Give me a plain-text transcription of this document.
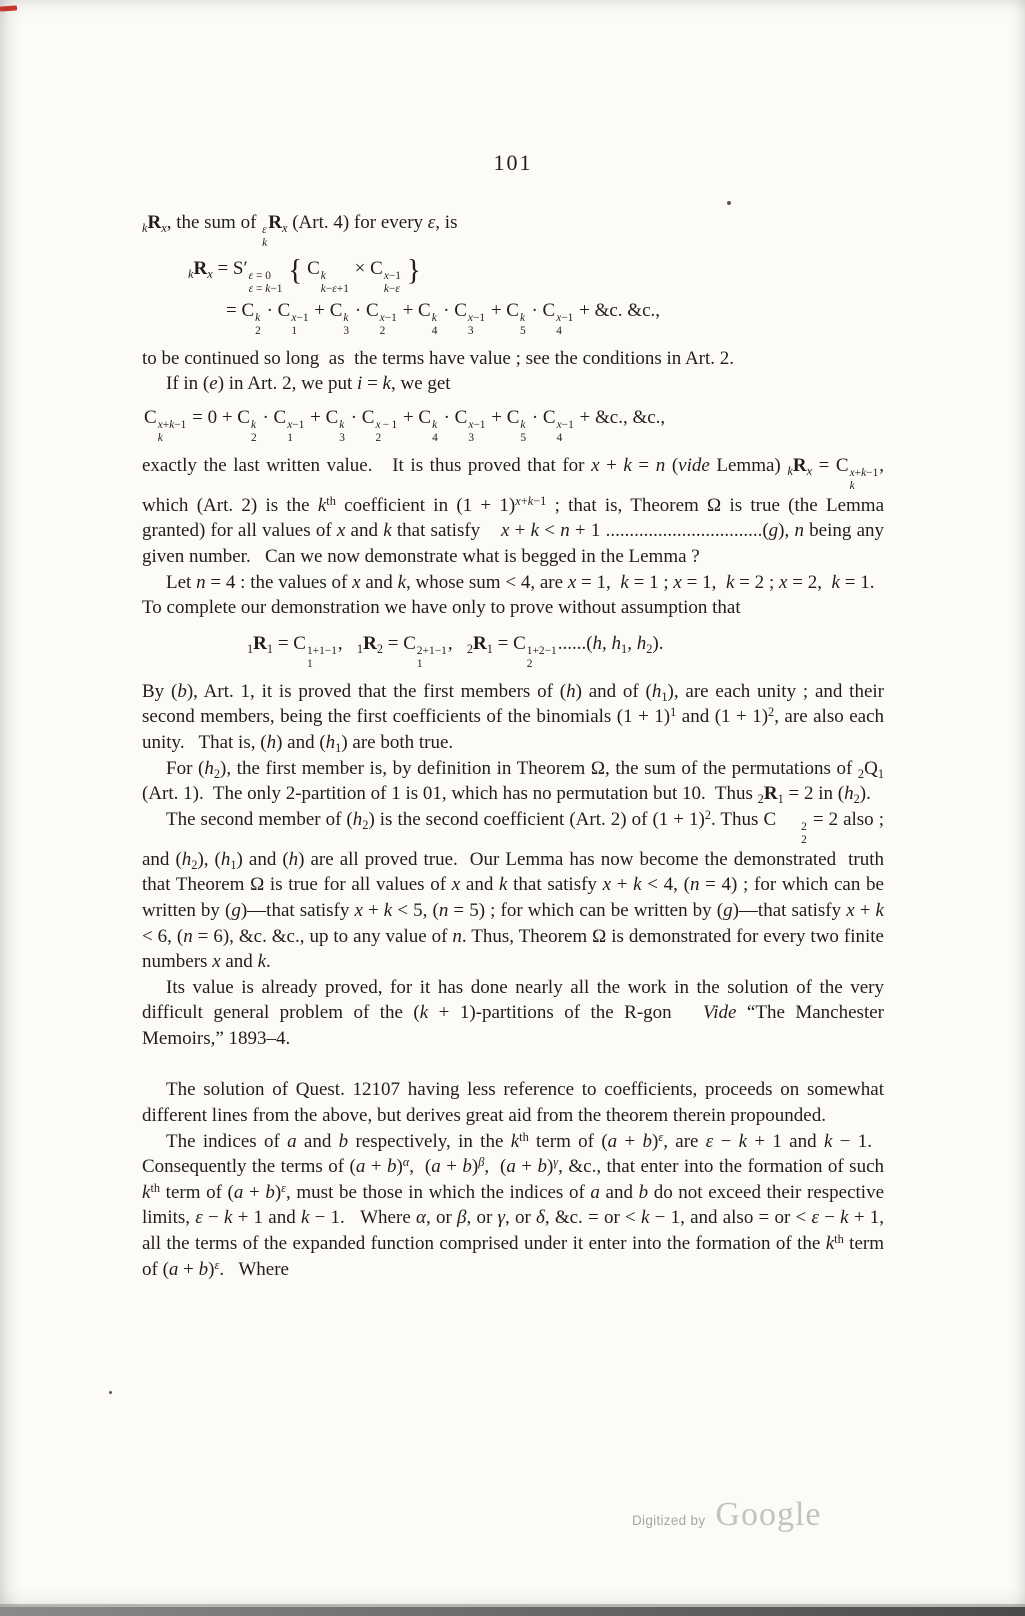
101

$_kR_x$, the sum of ε
k
$R_x$ (Art. 4) for every ε, is

$_kR_x = S'$ ε = 0
ε = k−1
{ C k
k−ε+1
× C x−1
k−ε
}
= C k
2
· C x−1
1
+ C k
3
· C x−1
2
+ C k
4
· C x−1
3
+ C k
5
· C x−1
4
+ &c. &c.,

to be continued so long  as  the terms have value ; see the conditions in Art. 2.

If in (e) in Art. 2, we put i = k, we get

C x+k−1
k
= 0 + C k
2
· C x−1
1
+ C k
3
· C x − 1
2
+ C k
4
· C x−1
3
+ C k
5
· C x−1
4
+ &c., &c.,

exactly the last written value.   It is thus proved that for x + k = n (vide Lemma) $_kR_x = C$ x+k−1
k
, which (Art. 2) is the $k^{th}$ coefficient in $(1 + 1)^{x+k-1}$ ; that is, Theorem Ω is true (the Lemma granted) for all values of x and k that satisfy    x + k < n + 1 .................................(g), n being any given number.   Can we now demonstrate what is begged in the Lemma ?

Let n = 4 : the values of x and k, whose sum < 4, are x = 1,  k = 1 ; x = 1,  k = 2 ; x = 2,  k = 1.   To complete our demonstration we have only to prove without assumption that

$_1R_1 = C$ 1+1−1
1
,   $_1R_2 = C$ 2+1−1
1
,   $_2R_1 = C$ 1+2−1
2
......(h, $h_1$, $h_2$).

By (b), Art. 1, it is proved that the first members of (h) and of $(h_1)$, are each unity ; and their second members, being the first coefficients of the binomials $(1 + 1)^1$ and $(1 + 1)^2$, are also each unity.   That is, (h) and $(h_1)$ are both true.

For $(h_2)$, the first member is, by definition in Theorem Ω, the sum of the permutations of $_2Q_1$ (Art. 1).  The only 2-partition of 1 is 01, which has no permutation but 10.  Thus $_2R_1 = 2$ in $(h_2)$.

The second member of $(h_2)$ is the second coefficient (Art. 2) of $(1 + 1)^2$. Thus C	2
2
= 2 also ; and $(h_2)$, $(h_1)$ and (h) are all proved true.  Our Lemma has now become the demonstrated  truth that Theorem Ω is true for all values of x and k that satisfy x + k < 4, (n = 4) ; for which can be written by (g)—that satisfy x + k < 5, (n = 5) ; for which can be written by (g)—that satisfy x + k < 6, (n = 6), &c. &c., up to any value of n. Thus, Theorem Ω is demonstrated for every two finite numbers x and k.

Its value is already proved, for it has done nearly all the work in the solution of the very difficult general problem of the (k + 1)-partitions of the R-gon   Vide “The Manchester Memoirs,” 1893–4.

The solution of Quest. 12107 having less reference to coefficients, proceeds on somewhat different lines from the above, but derives great aid from the theorem therein propounded.

The indices of a and b respectively, in the $k^{th}$ term of $(a + b)^\varepsilon$, are ε − k + 1 and k − 1.   Consequently the terms of $(a + b)^\alpha$,  $(a + b)^\beta$,  $(a + b)^\gamma$, &c., that enter into the formation of such $k^{th}$ term of $(a + b)^\varepsilon$, must be those in which the indices of a and b do not exceed their respective limits, ε − k + 1 and k − 1.   Where α, or β, or γ, or δ, &c. = or < k − 1, and also = or < ε − k + 1, all the terms of the expanded function comprised under it enter into the formation of the $k^{th}$ term of $(a + b)^\varepsilon$.   Where

Digitized by Google
